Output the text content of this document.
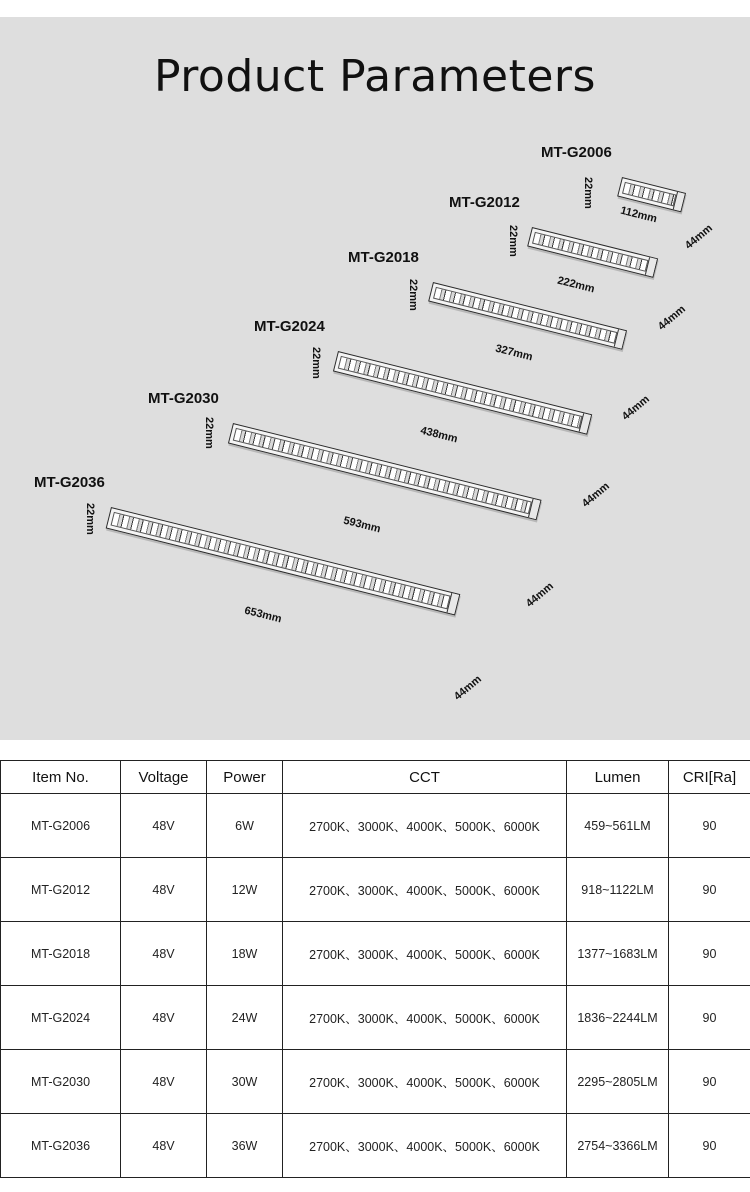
Product Parameters
MT-G2006
22mm
112mm
44mm
MT-G2012
22mm
222mm
44mm
MT-G2018
22mm
327mm
44mm
MT-G2024
22mm
438mm
44mm
MT-G2030
22mm
593mm
44mm
MT-G2036
22mm
653mm
44mm
Item No.	Voltage	Power	CCT	Lumen	CRI[Ra]
MT-G2006	48V	6W	2700K、3000K、4000K、5000K、6000K	459~561LM	90
MT-G2012	48V	12W	2700K、3000K、4000K、5000K、6000K	918~1122LM	90
MT-G2018	48V	18W	2700K、3000K、4000K、5000K、6000K	1377~1683LM	90
MT-G2024	48V	24W	2700K、3000K、4000K、5000K、6000K	1836~2244LM	90
MT-G2030	48V	30W	2700K、3000K、4000K、5000K、6000K	2295~2805LM	90
MT-G2036	48V	36W	2700K、3000K、4000K、5000K、6000K	2754~3366LM	90
